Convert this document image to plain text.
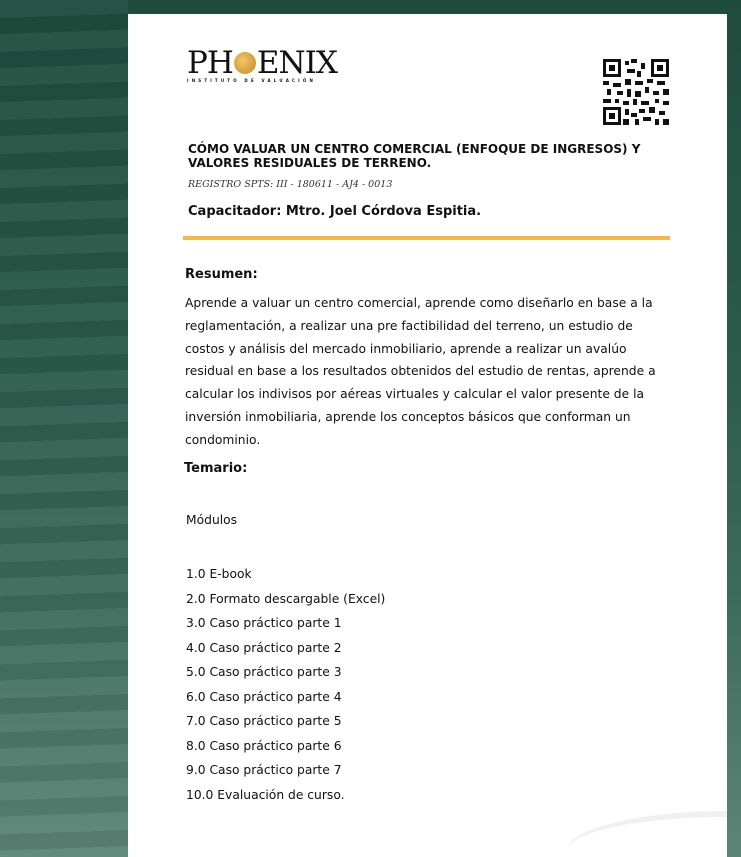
PH ENIX
INSTITUTO DE VALUACIÓN
CÓMO VALUAR UN CENTRO COMERCIAL (ENFOQUE DE INGRESOS) Y VALORES RESIDUALES DE TERRENO.
REGISTRO SPTS: III - 180611 - AJ4 - 0013
Capacitador: Mtro. Joel Córdova Espitia.
Resumen:
Aprende a valuar un centro comercial, aprende como diseñarlo en base a la reglamentación, a realizar una pre factibilidad del terreno, un estudio de costos y análisis del mercado inmobiliario, aprende a realizar un avalúo residual en base a los resultados obtenidos del estudio de rentas, aprende a calcular los indivisos por aéreas virtuales y calcular el valor presente de la inversión inmobiliaria, aprende los conceptos básicos que conforman un condominio.
Temario:
Módulos
1.0 E-book
2.0 Formato descargable (Excel)
3.0 Caso práctico parte 1
4.0 Caso práctico parte 2
5.0 Caso práctico parte 3
6.0 Caso práctico parte 4
7.0 Caso práctico parte 5
8.0 Caso práctico parte 6
9.0 Caso práctico parte 7
10.0 Evaluación de curso.
